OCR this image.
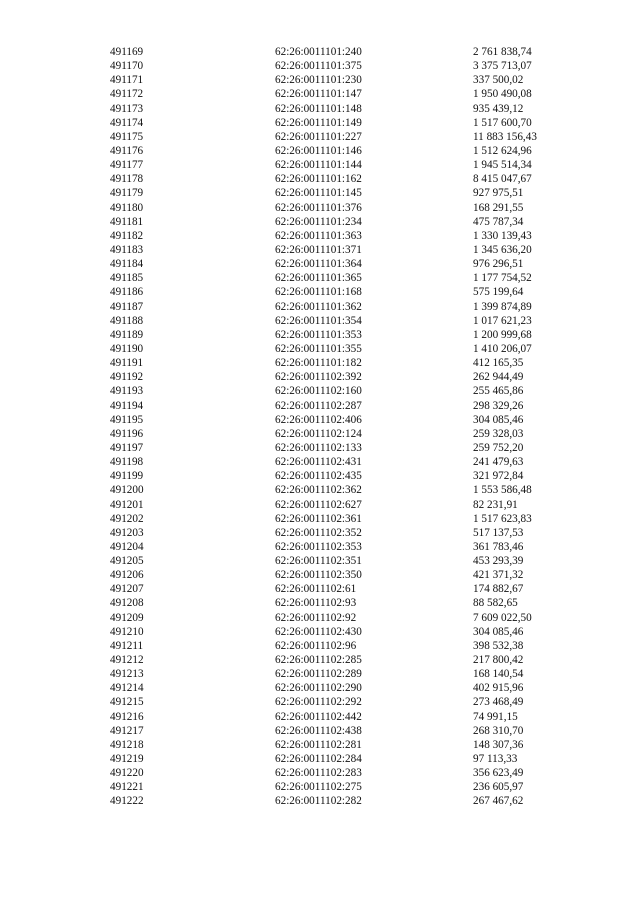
491169	62:26:0011101:240	2 761 838,74
491170	62:26:0011101:375	3 375 713,07
491171	62:26:0011101:230	337 500,02
491172	62:26:0011101:147	1 950 490,08
491173	62:26:0011101:148	935 439,12
491174	62:26:0011101:149	1 517 600,70
491175	62:26:0011101:227	11 883 156,43
491176	62:26:0011101:146	1 512 624,96
491177	62:26:0011101:144	1 945 514,34
491178	62:26:0011101:162	8 415 047,67
491179	62:26:0011101:145	927 975,51
491180	62:26:0011101:376	168 291,55
491181	62:26:0011101:234	475 787,34
491182	62:26:0011101:363	1 330 139,43
491183	62:26:0011101:371	1 345 636,20
491184	62:26:0011101:364	976 296,51
491185	62:26:0011101:365	1 177 754,52
491186	62:26:0011101:168	575 199,64
491187	62:26:0011101:362	1 399 874,89
491188	62:26:0011101:354	1 017 621,23
491189	62:26:0011101:353	1 200 999,68
491190	62:26:0011101:355	1 410 206,07
491191	62:26:0011101:182	412 165,35
491192	62:26:0011102:392	262 944,49
491193	62:26:0011102:160	255 465,86
491194	62:26:0011102:287	298 329,26
491195	62:26:0011102:406	304 085,46
491196	62:26:0011102:124	259 328,03
491197	62:26:0011102:133	259 752,20
491198	62:26:0011102:431	241 479,63
491199	62:26:0011102:435	321 972,84
491200	62:26:0011102:362	1 553 586,48
491201	62:26:0011102:627	82 231,91
491202	62:26:0011102:361	1 517 623,83
491203	62:26:0011102:352	517 137,53
491204	62:26:0011102:353	361 783,46
491205	62:26:0011102:351	453 293,39
491206	62:26:0011102:350	421 371,32
491207	62:26:0011102:61	174 882,67
491208	62:26:0011102:93	88 582,65
491209	62:26:0011102:92	7 609 022,50
491210	62:26:0011102:430	304 085,46
491211	62:26:0011102:96	398 532,38
491212	62:26:0011102:285	217 800,42
491213	62:26:0011102:289	168 140,54
491214	62:26:0011102:290	402 915,96
491215	62:26:0011102:292	273 468,49
491216	62:26:0011102:442	74 991,15
491217	62:26:0011102:438	268 310,70
491218	62:26:0011102:281	148 307,36
491219	62:26:0011102:284	97 113,33
491220	62:26:0011102:283	356 623,49
491221	62:26:0011102:275	236 605,97
491222	62:26:0011102:282	267 467,62
